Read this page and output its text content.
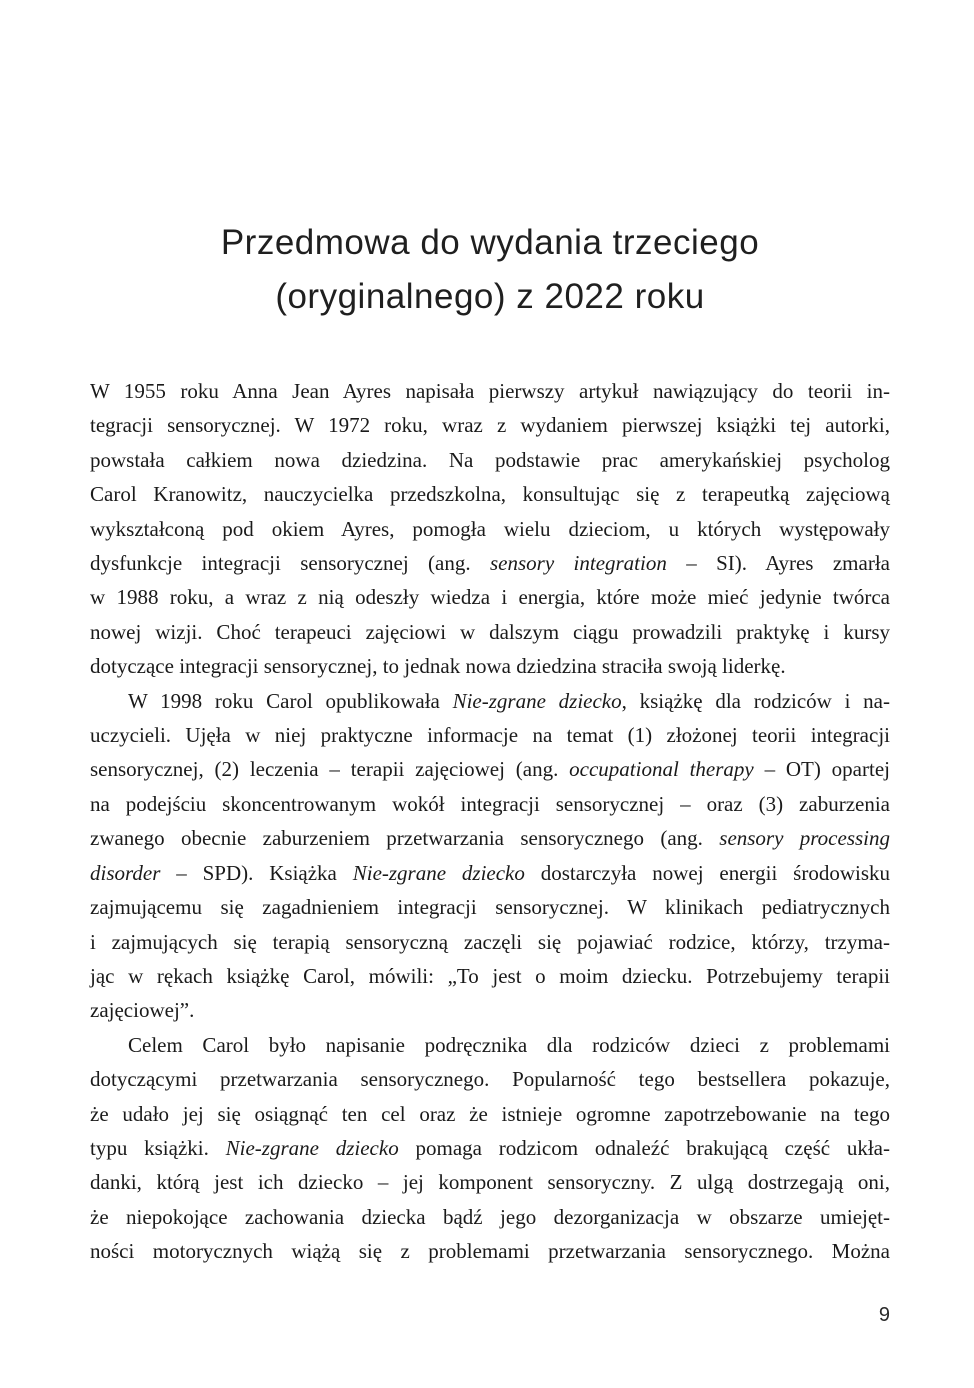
Przedmowa do wydania trzeciego
(oryginalnego) z 2022 roku
W 1955 roku Anna Jean Ayres napisała pierwszy artykuł nawiązujący do teorii in-
tegracji sensorycznej. W 1972 roku, wraz z wydaniem pierwszej książki tej autorki,
powstała całkiem nowa dziedzina. Na podstawie prac amerykańskiej psycholog
Carol Kranowitz, nauczycielka przedszkolna, konsultując się z terapeutką zajęciową
wykształconą pod okiem Ayres, pomogła wielu dzieciom, u których występowały
dysfunkcje integracji sensorycznej (ang. sensory integration – SI). Ayres zmarła
w 1988 roku, a wraz z nią odeszły wiedza i energia, które może mieć jedynie twórca
nowej wizji. Choć terapeuci zajęciowi w dalszym ciągu prowadzili praktykę i kursy
dotyczące integracji sensorycznej, to jednak nowa dziedzina straciła swoją liderkę.
W 1998 roku Carol opublikowała Nie-zgrane dziecko, książkę dla rodziców i na-
uczycieli. Ujęła w niej praktyczne informacje na temat (1) złożonej teorii integracji
sensorycznej, (2) leczenia – terapii zajęciowej (ang. occupational therapy – OT) opartej
na podejściu skoncentrowanym wokół integracji sensorycznej – oraz (3) zaburzenia
zwanego obecnie zaburzeniem przetwarzania sensorycznego (ang. sensory processing
disorder – SPD). Książka Nie-zgrane dziecko dostarczyła nowej energii środowisku
zajmującemu się zagadnieniem integracji sensorycznej. W klinikach pediatrycznych
i zajmujących się terapią sensoryczną zaczęli się pojawiać rodzice, którzy, trzyma-
jąc w rękach książkę Carol, mówili: „To jest o moim dziecku. Potrzebujemy terapii
zajęciowej”.
Celem Carol było napisanie podręcznika dla rodziców dzieci z problemami
dotyczącymi przetwarzania sensorycznego. Popularność tego bestsellera pokazuje,
że udało jej się osiągnąć ten cel oraz że istnieje ogromne zapotrzebowanie na tego
typu książki. Nie-zgrane dziecko pomaga rodzicom odnaleźć brakującą część ukła-
danki, którą jest ich dziecko – jej komponent sensoryczny. Z ulgą dostrzegają oni,
że niepokojące zachowania dziecka bądź jego dezorganizacja w obszarze umiejęt-
ności motorycznych wiążą się z problemami przetwarzania sensorycznego. Można
9
